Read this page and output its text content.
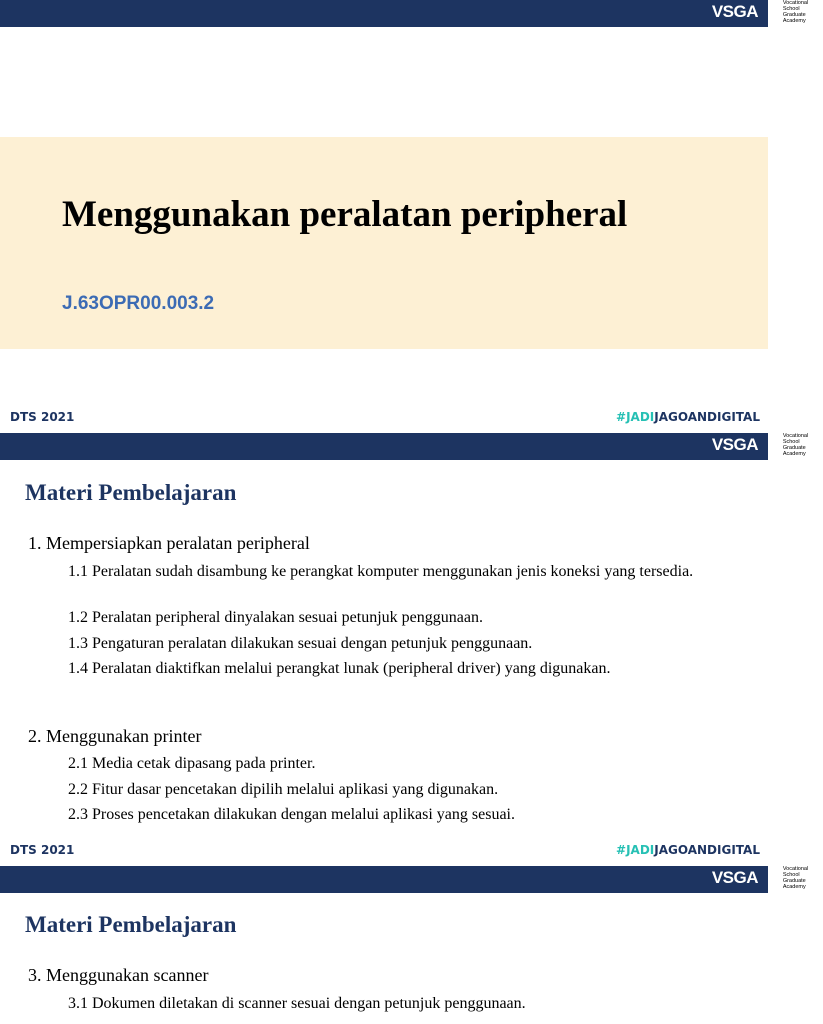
VSGA	Vocational School Graduate Academy
Menggunakan peralatan peripheral
J.63OPR00.003.2
DTS 2021	#JADIJAGOANDIGITAL
VSGA	Vocational School Graduate Academy
Materi Pembelajaran
1. Mempersiapkan peralatan peripheral
1.1 Peralatan sudah disambung ke perangkat komputer menggunakan jenis koneksi yang tersedia.
1.2 Peralatan peripheral dinyalakan sesuai petunjuk penggunaan.
1.3 Pengaturan peralatan dilakukan sesuai dengan petunjuk penggunaan.
1.4 Peralatan diaktifkan melalui perangkat lunak (peripheral driver) yang digunakan.
2. Menggunakan printer
2.1 Media cetak dipasang pada printer.
2.2 Fitur dasar pencetakan dipilih melalui aplikasi yang digunakan.
2.3 Proses pencetakan dilakukan dengan melalui aplikasi yang sesuai.
DTS 2021	#JADIJAGOANDIGITAL
VSGA	Vocational School Graduate Academy
Materi Pembelajaran
3. Menggunakan scanner
3.1 Dokumen diletakan di scanner sesuai dengan petunjuk penggunaan.
